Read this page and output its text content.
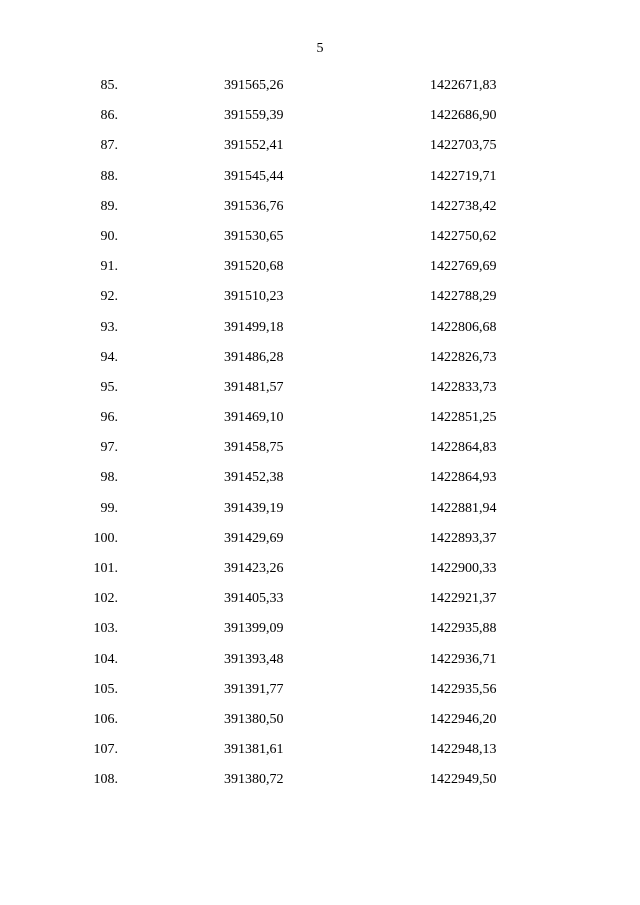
5
85.	391565,26	1422671,83
86.	391559,39	1422686,90
87.	391552,41	1422703,75
88.	391545,44	1422719,71
89.	391536,76	1422738,42
90.	391530,65	1422750,62
91.	391520,68	1422769,69
92.	391510,23	1422788,29
93.	391499,18	1422806,68
94.	391486,28	1422826,73
95.	391481,57	1422833,73
96.	391469,10	1422851,25
97.	391458,75	1422864,83
98.	391452,38	1422864,93
99.	391439,19	1422881,94
100.	391429,69	1422893,37
101.	391423,26	1422900,33
102.	391405,33	1422921,37
103.	391399,09	1422935,88
104.	391393,48	1422936,71
105.	391391,77	1422935,56
106.	391380,50	1422946,20
107.	391381,61	1422948,13
108.	391380,72	1422949,50
